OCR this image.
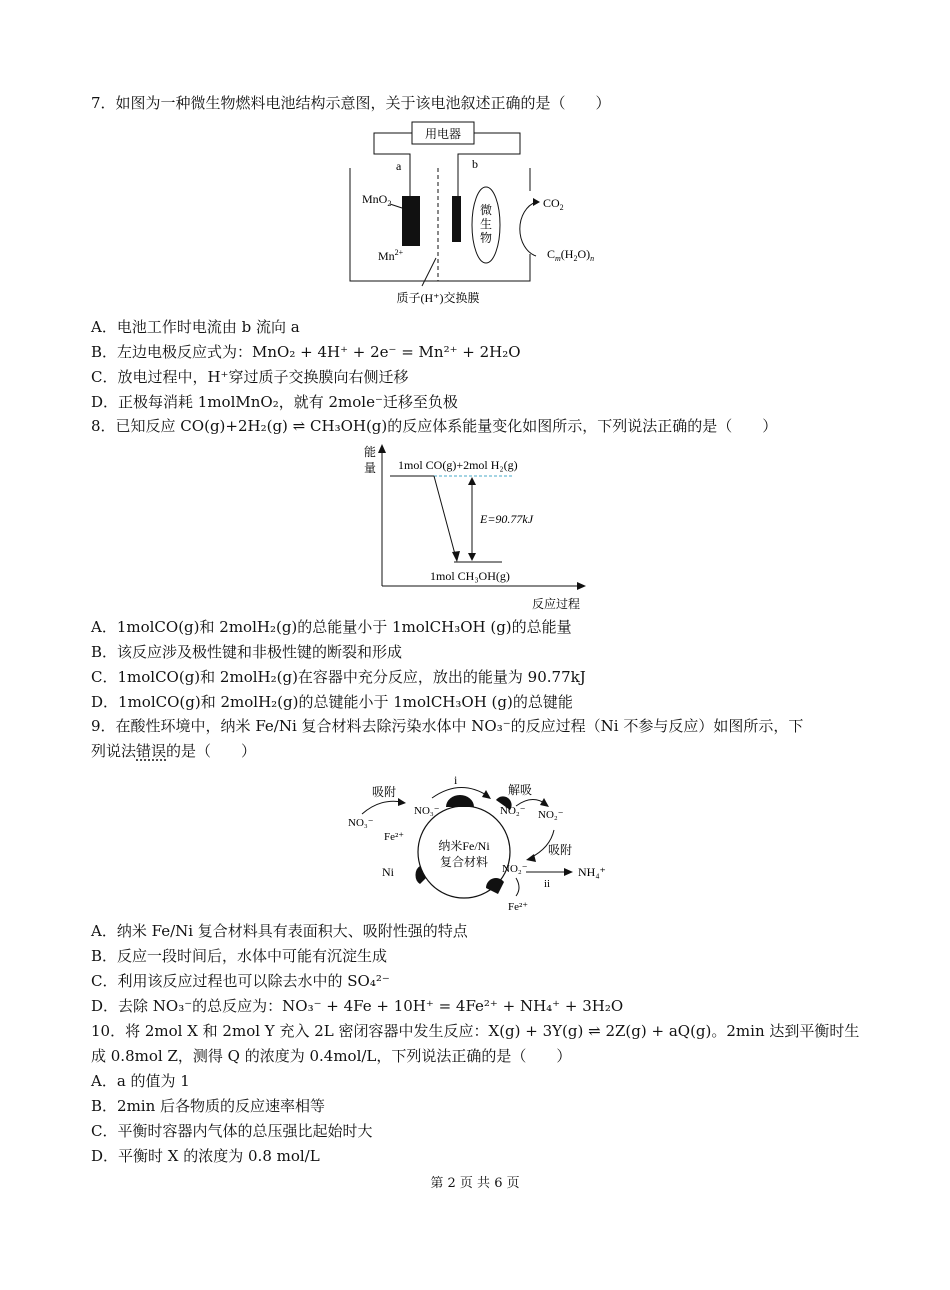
7．如图为一种微生物燃料电池结构示意图，关于该电池叙述正确的是（　　）
用电器
a	b
MnO$_2$
$Mn^{2+}$
微
生
物
$CO_2$
$C_m(H_2O)_n$
质子(H⁺)交换膜
A．电池工作时电流由 b 流向 a
B．左边电极反应式为：MnO₂ + 4H⁺ + 2e⁻ = Mn²⁺ + 2H₂O
C．放电过程中，H⁺穿过质子交换膜向右侧迁移
D．正极每消耗 1molMnO₂，就有 2mole⁻迁移至负极
8．已知反应 CO(g)+2H₂(g) ⇌ CH₃OH(g)的反应体系能量变化如图所示，下列说法正确的是（　　）
能
量 1mol CO(g)+2mol H₂(g)
E=90.77kJ
1mol CH₃OH(g)
反应过程
A．1molCO(g)和 2molH₂(g)的总能量小于 1molCH₃OH (g)的总能量
B．该反应涉及极性键和非极性键的断裂和形成
C．1molCO(g)和 2molH₂(g)在容器中充分反应，放出的能量为 90.77kJ
D．1molCO(g)和 2molH₂(g)的总键能小于 1molCH₃OH (g)的总键能
9．在酸性环境中，纳米 Fe/Ni 复合材料去除污染水体中 NO₃⁻的反应过程（Ni 不参与反应）如图所示，下
列说法错误的是（　　）
纳米Fe/Ni
复合材料
吸附
NO₃⁻
NO₃⁻
Fe²⁺
i
NO₂⁻
解吸
NO₂⁻
吸附
Ni	NO₂⁻
ii
NH₄⁺
Fe²⁺
A．纳米 Fe/Ni 复合材料具有表面积大、吸附性强的特点
B．反应一段时间后，水体中可能有沉淀生成
C．利用该反应过程也可以除去水中的 SO₄²⁻
D．去除 NO₃⁻的总反应为：NO₃⁻ + 4Fe + 10H⁺ = 4Fe²⁺ + NH₄⁺ + 3H₂O
10．将 2mol X 和 2mol Y 充入 2L 密闭容器中发生反应：X(g) + 3Y(g) ⇌ 2Z(g) + aQ(g)。2min 达到平衡时生
成 0.8mol Z，测得 Q 的浓度为 0.4mol/L，下列说法正确的是（　　）
A．a 的值为 1
B．2min 后各物质的反应速率相等
C．平衡时容器内气体的总压强比起始时大
D．平衡时 X 的浓度为 0.8 mol/L
第 2 页 共 6 页
